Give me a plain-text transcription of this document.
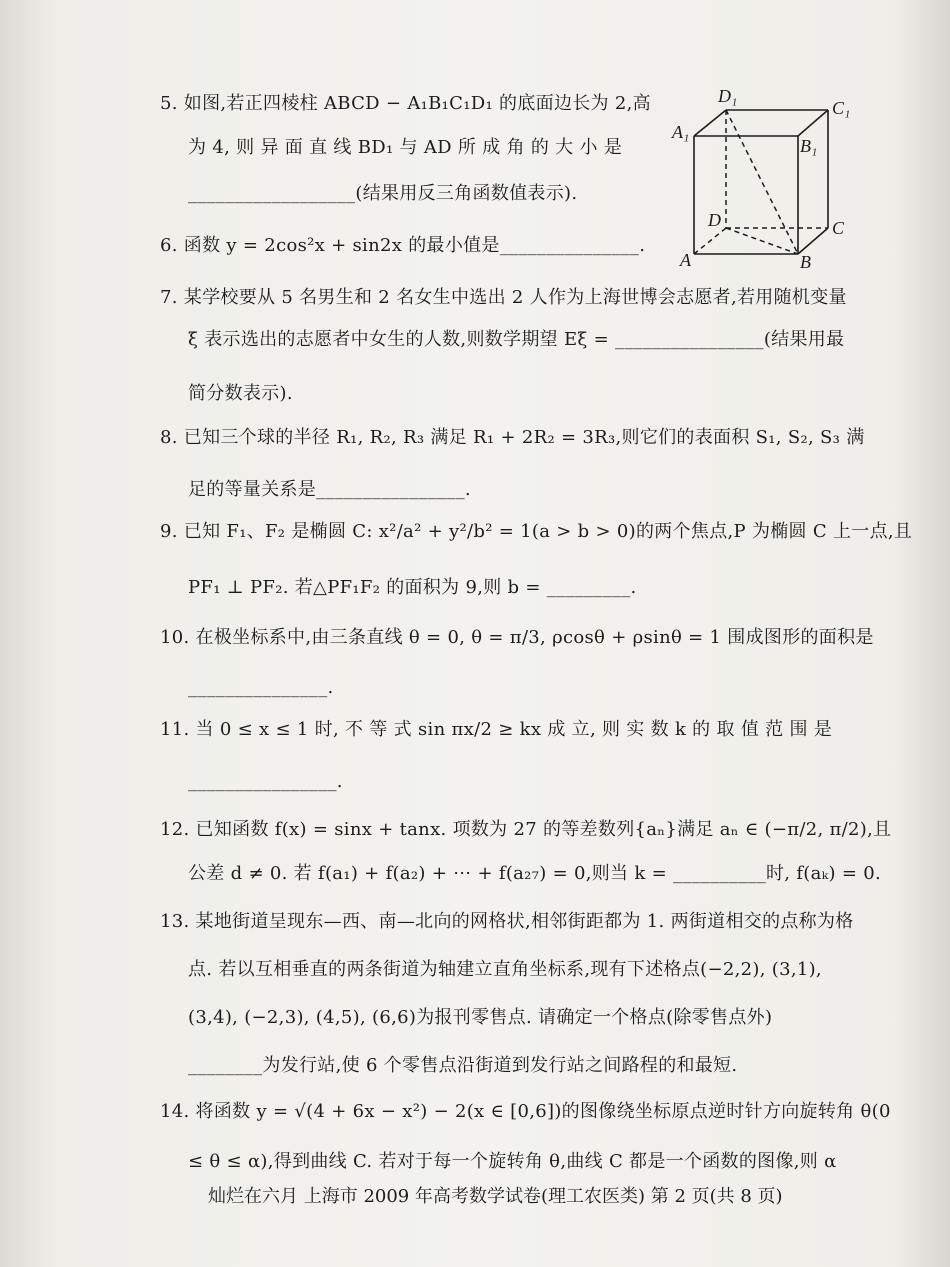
5. 如图,若正四棱柱 ABCD − A₁B₁C₁D₁ 的底面边长为 2,高
为 4, 则 异 面 直 线 BD₁ 与 AD 所 成 角 的 大 小 是
__________________(结果用反三角函数值表示).
6. 函数 y = 2cos²x + sin2x 的最小值是_______________.
7. 某学校要从 5 名男生和 2 名女生中选出 2 人作为上海世博会志愿者,若用随机变量
ξ 表示选出的志愿者中女生的人数,则数学期望 Eξ = ________________(结果用最
简分数表示).
8. 已知三个球的半径 R₁, R₂, R₃ 满足 R₁ + 2R₂ = 3R₃,则它们的表面积 S₁, S₂, S₃ 满
足的等量关系是________________.
9. 已知 F₁、F₂ 是椭圆 C: x²/a² + y²/b² = 1(a > b > 0)的两个焦点,P 为椭圆 C 上一点,且
PF₁ ⊥ PF₂. 若△PF₁F₂ 的面积为 9,则 b = _________.
10. 在极坐标系中,由三条直线 θ = 0, θ = π/3, ρcosθ + ρsinθ = 1 围成图形的面积是
_______________.
11. 当 0 ≤ x ≤ 1 时, 不 等 式 sin πx/2 ≥ kx 成 立, 则 实 数 k 的 取 值 范 围 是
________________.
12. 已知函数 f(x) = sinx + tanx. 项数为 27 的等差数列{aₙ}满足 aₙ ∈ (−π/2, π/2),且
公差 d ≠ 0. 若 f(a₁) + f(a₂) + ⋯ + f(a₂₇) = 0,则当 k = __________时, f(aₖ) = 0.
13. 某地街道呈现东—西、南—北向的网格状,相邻街距都为 1. 两街道相交的点称为格
点. 若以互相垂直的两条街道为轴建立直角坐标系,现有下述格点(−2,2), (3,1),
(3,4), (−2,3), (4,5), (6,6)为报刊零售点. 请确定一个格点(除零售点外)
________为发行站,使 6 个零售点沿街道到发行站之间路程的和最短.
14. 将函数 y = √(4 + 6x − x²) − 2(x ∈ [0,6])的图像绕坐标原点逆时针方向旋转角 θ(0
≤ θ ≤ α),得到曲线 C. 若对于每一个旋转角 θ,曲线 C 都是一个函数的图像,则 α
A₁
B₁
C₁
D₁
A	B
C
D
灿烂在六月 上海市 2009 年高考数学试卷(理工农医类) 第 2 页(共 8 页)
